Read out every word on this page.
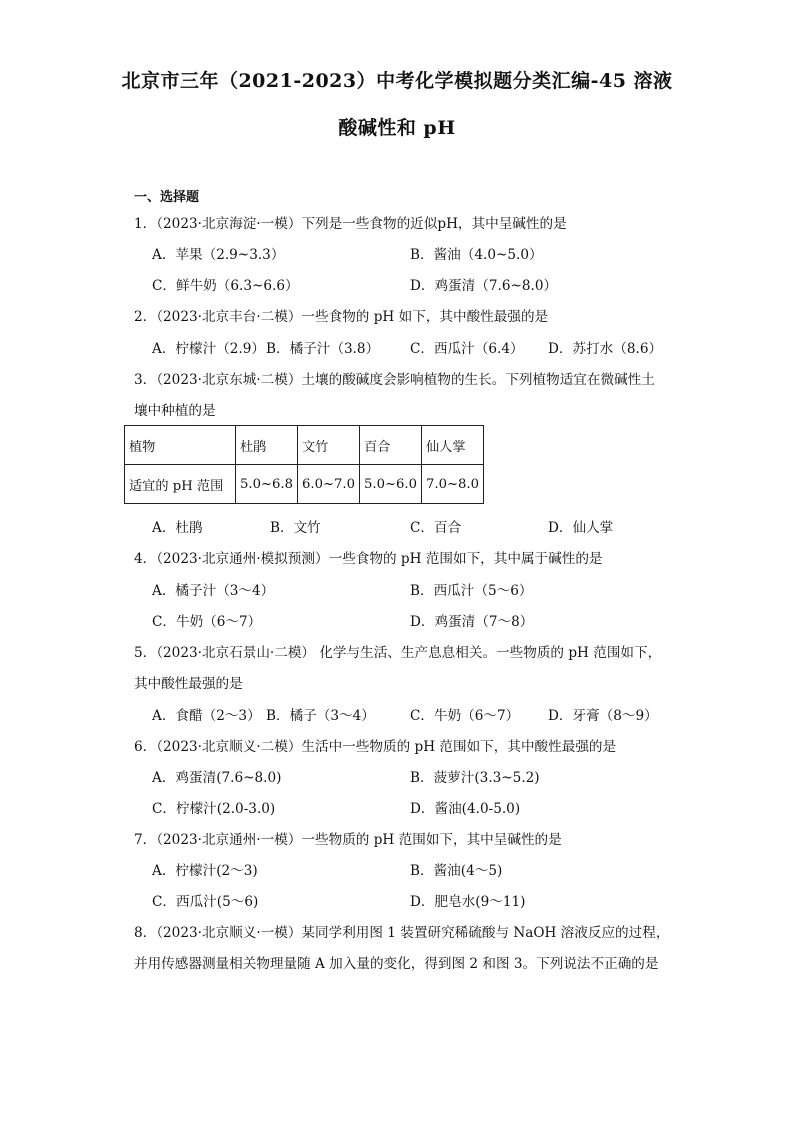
北京市三年（2021-2023）中考化学模拟题分类汇编-45 溶液
酸碱性和 pH
一、选择题
1．（2023·北京海淀·一模）下列是一些食物的近似pH，其中呈碱性的是
A．苹果（2.9~3.3）	B．酱油（4.0~5.0）
C．鲜牛奶（6.3~6.6）	D．鸡蛋清（7.6~8.0）
2．（2023·北京丰台·二模）一些食物的 pH 如下，其中酸性最强的是
A．柠檬汁（2.9） B．橘子汁（3.8） C．西瓜汁（6.4） D．苏打水（8.6）
3．（2023·北京东城·二模）土壤的酸碱度会影响植物的生长。下列植物适宜在微碱性土
壤中种植的是
植物	杜鹃	文竹	百合	仙人掌
适宜的 pH 范围	5.0~6.8	6.0~7.0	5.0~6.0	7.0~8.0
A．杜鹃	B．文竹	C．百合	D．仙人掌
4．（2023·北京通州·模拟预测）一些食物的 pH 范围如下，其中属于碱性的是
A．橘子汁（3～4）	B．西瓜汁（5～6）
C．牛奶（6～7）	D．鸡蛋清（7～8）
5．（2023·北京石景山·二模） 化学与生活、生产息息相关。一些物质的 pH 范围如下，
其中酸性最强的是
A．食醋（2～3） B．橘子（3～4）	C．牛奶（6～7） D．牙膏（8～9）
6．（2023·北京顺义·二模）生活中一些物质的 pH 范围如下，其中酸性最强的是
A．鸡蛋清(7.6~8.0)	B．菠萝汁(3.3~5.2)
C．柠檬汁(2.0-3.0)	D．酱油(4.0-5.0)
7．（2023·北京通州·一模）一些物质的 pH 范围如下，其中呈碱性的是
A．柠檬汁(2～3)	B．酱油(4～5)
C．西瓜汁(5～6)	D．肥皂水(9～11)
8．（2023·北京顺义·一模）某同学利用图 1 装置研究稀硫酸与 NaOH 溶液反应的过程，
并用传感器测量相关物理量随 A 加入量的变化，得到图 2 和图 3。下列说法不正确的是
